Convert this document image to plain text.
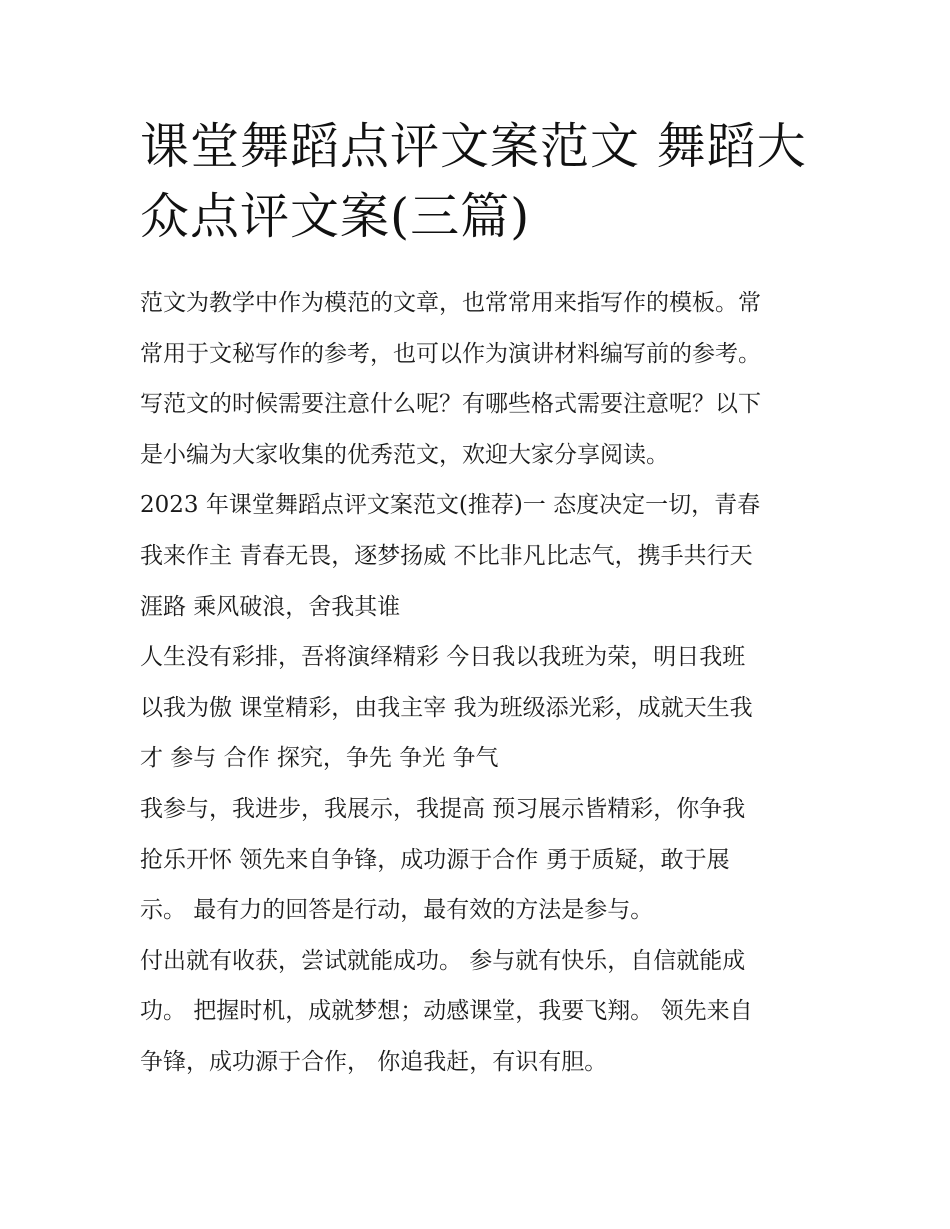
课堂舞蹈点评文案范文 舞蹈大
众点评文案(三篇)

范文为教学中作为模范的文章，也常常用来指写作的模板。常
常用于文秘写作的参考，也可以作为演讲材料编写前的参考。
写范文的时候需要注意什么呢？有哪些格式需要注意呢？以下
是小编为大家收集的优秀范文，欢迎大家分享阅读。

2023 年课堂舞蹈点评文案范文(推荐)一 态度决定一切，青春
我来作主 青春无畏，逐梦扬威 不比非凡比志气，携手共行天
涯路 乘风破浪，舍我其谁

人生没有彩排，吾将演绎精彩 今日我以我班为荣，明日我班
以我为傲 课堂精彩，由我主宰 我为班级添光彩，成就天生我
才 参与 合作 探究，争先 争光 争气

我参与，我进步，我展示，我提高 预习展示皆精彩，你争我
抢乐开怀 领先来自争锋，成功源于合作 勇于质疑，敢于展
示。 最有力的回答是行动，最有效的方法是参与。

付出就有收获，尝试就能成功。 参与就有快乐，自信就能成
功。 把握时机，成就梦想；动感课堂，我要飞翔。 领先来自
争锋，成功源于合作， 你追我赶，有识有胆。
